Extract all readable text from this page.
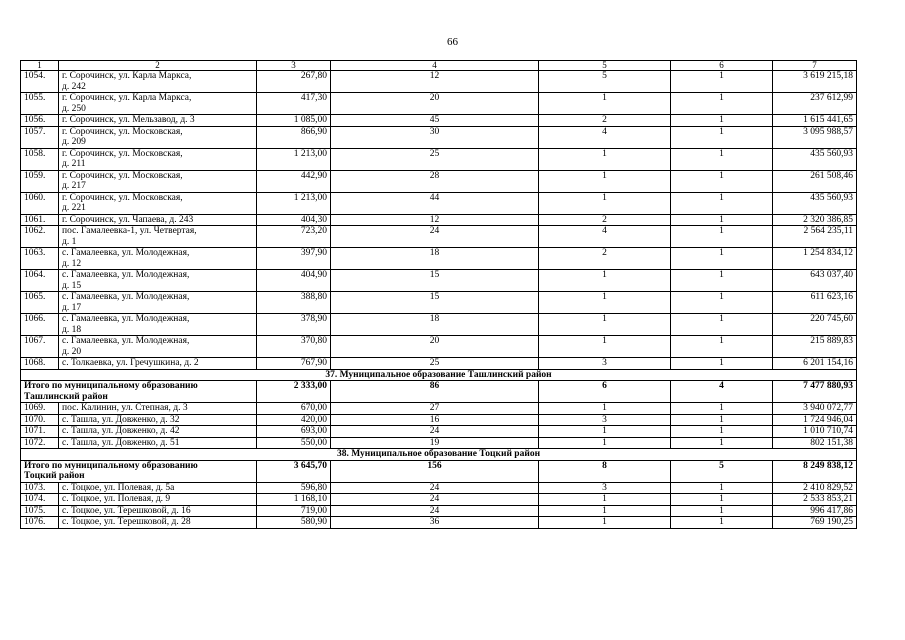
66
1	2	3	4	5	6	7
1054.	г. Сорочинск, ул. Карла Маркса,
д. 242	267,80	12	5	1	3 619 215,18
1055.	г. Сорочинск, ул. Карла Маркса,
д. 250	417,30	20	1	1	237 612,99
1056.	г. Сорочинск, ул. Мельзавод, д. 3	1 085,00	45	2	1	1 615 441,65
1057.	г. Сорочинск, ул. Московская,
д. 209	866,90	30	4	1	3 095 988,57
1058.	г. Сорочинск, ул. Московская,
д. 211	1 213,00	25	1	1	435 560,93
1059.	г. Сорочинск, ул. Московская,
д. 217	442,90	28	1	1	261 508,46
1060.	г. Сорочинск, ул. Московская,
д. 221	1 213,00	44	1	1	435 560,93
1061.	г. Сорочинск, ул. Чапаева, д. 243	404,30	12	2	1	2 320 386,85
1062.	пос. Гамалеевка-1, ул. Четвертая,
д. 1	723,20	24	4	1	2 564 235,11
1063.	с. Гамалеевка, ул. Молодежная,
д. 12	397,90	18	2	1	1 254 834,12
1064.	с. Гамалеевка, ул. Молодежная,
д. 15	404,90	15	1	1	643 037,40
1065.	с. Гамалеевка, ул. Молодежная,
д. 17	388,80	15	1	1	611 623,16
1066.	с. Гамалеевка, ул. Молодежная,
д. 18	378,90	18	1	1	220 745,60
1067.	с. Гамалеевка, ул. Молодежная,
д. 20	370,80	20	1	1	215 889,83
1068.	с. Толкаевка, ул. Гречушкина, д. 2	767,90	25	3	1	6 201 154,16
37. Муниципальное образование Ташлинский район						

Итого по муниципальному образованию
Ташлинский район		2 333,00	86	6	4	7 477 880,93
1069.	пос. Калинин, ул. Степная, д. 3	670,00	27	1	1	3 940 072,77
1070.	с. Ташла, ул. Довженко, д. 32	420,00	16	3	1	1 724 946,04
1071.	с. Ташла, ул. Довженко, д. 42	693,00	24	1	1	1 010 710,74
1072.	с. Ташла, ул. Довженко, д. 51	550,00	19	1	1	802 151,38
38. Муниципальное образование Тоцкий район						

Итого по муниципальному образованию
Тоцкий район		3 645,70	156	8	5	8 249 838,12
1073.	с. Тоцкое, ул. Полевая, д. 5а	596,80	24	3	1	2 410 829,52
1074.	с. Тоцкое, ул. Полевая, д. 9	1 168,10	24	1	1	2 533 853,21
1075.	с. Тоцкое, ул. Терешковой, д. 16	719,00	24	1	1	996 417,86
1076.	с. Тоцкое, ул. Терешковой, д. 28	580,90	36	1	1	769 190,25
